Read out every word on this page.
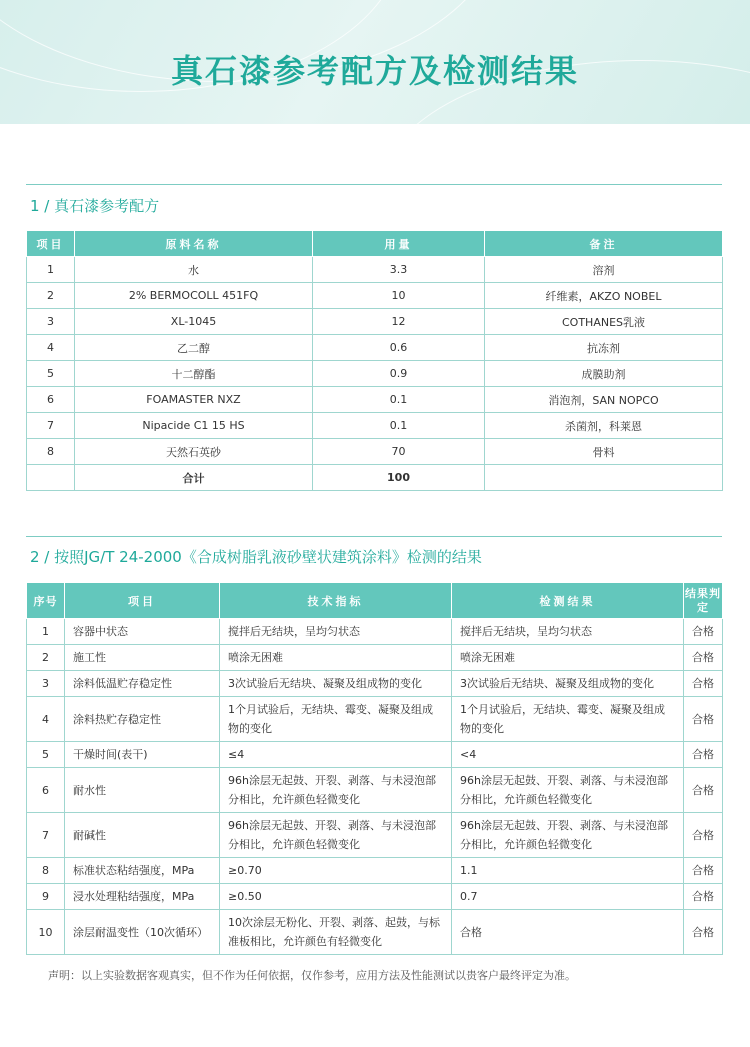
真石漆参考配方及检测结果
1 / 真石漆参考配方
项目	原料名称	用量	备注
1	水	3.3	溶剂
2	2% BERMOCOLL 451FQ	10	纤维素，AKZO NOBEL
3	XL-1045	12	COTHANES乳液
4	乙二醇	0.6	抗冻剂
5	十二醇酯	0.9	成膜助剂
6	FOAMASTER NXZ	0.1	消泡剂，SAN NOPCO
7	Nipacide C1 15 HS	0.1	杀菌剂，科莱恩
8	天然石英砂	70	骨料
	合计	100	
2 / 按照JG/T 24-2000《合成树脂乳液砂壁状建筑涂料》检测的结果
序号	项目	技术指标	检测结果	结果判定
1	容器中状态	搅拌后无结块，呈均匀状态	搅拌后无结块，呈均匀状态	合格
2	施工性	喷涂无困难	喷涂无困难	合格
3	涂料低温贮存稳定性	3次试验后无结块、凝聚及组成物的变化	3次试验后无结块、凝聚及组成物的变化	合格
4	涂料热贮存稳定性	1个月试验后，无结块、霉变、凝聚及组成物的变化	1个月试验后，无结块、霉变、凝聚及组成物的变化	合格
5	干燥时间(表干)	≤4	<4	合格
6	耐水性	96h涂层无起鼓、开裂、剥落、与未浸泡部分相比，允许颜色轻微变化	96h涂层无起鼓、开裂、剥落、与未浸泡部分相比，允许颜色轻微变化	合格
7	耐碱性	96h涂层无起鼓、开裂、剥落、与未浸泡部分相比，允许颜色轻微变化	96h涂层无起鼓、开裂、剥落、与未浸泡部分相比，允许颜色轻微变化	合格
8	标准状态粘结强度，MPa	≥0.70	1.1	合格
9	浸水处理粘结强度，MPa	≥0.50	0.7	合格
10	涂层耐温变性（10次循环）	10次涂层无粉化、开裂、剥落、起鼓，与标准板相比，允许颜色有轻微变化	合格	合格
声明：以上实验数据客观真实，但不作为任何依据，仅作参考，应用方法及性能测试以贵客户最终评定为准。
